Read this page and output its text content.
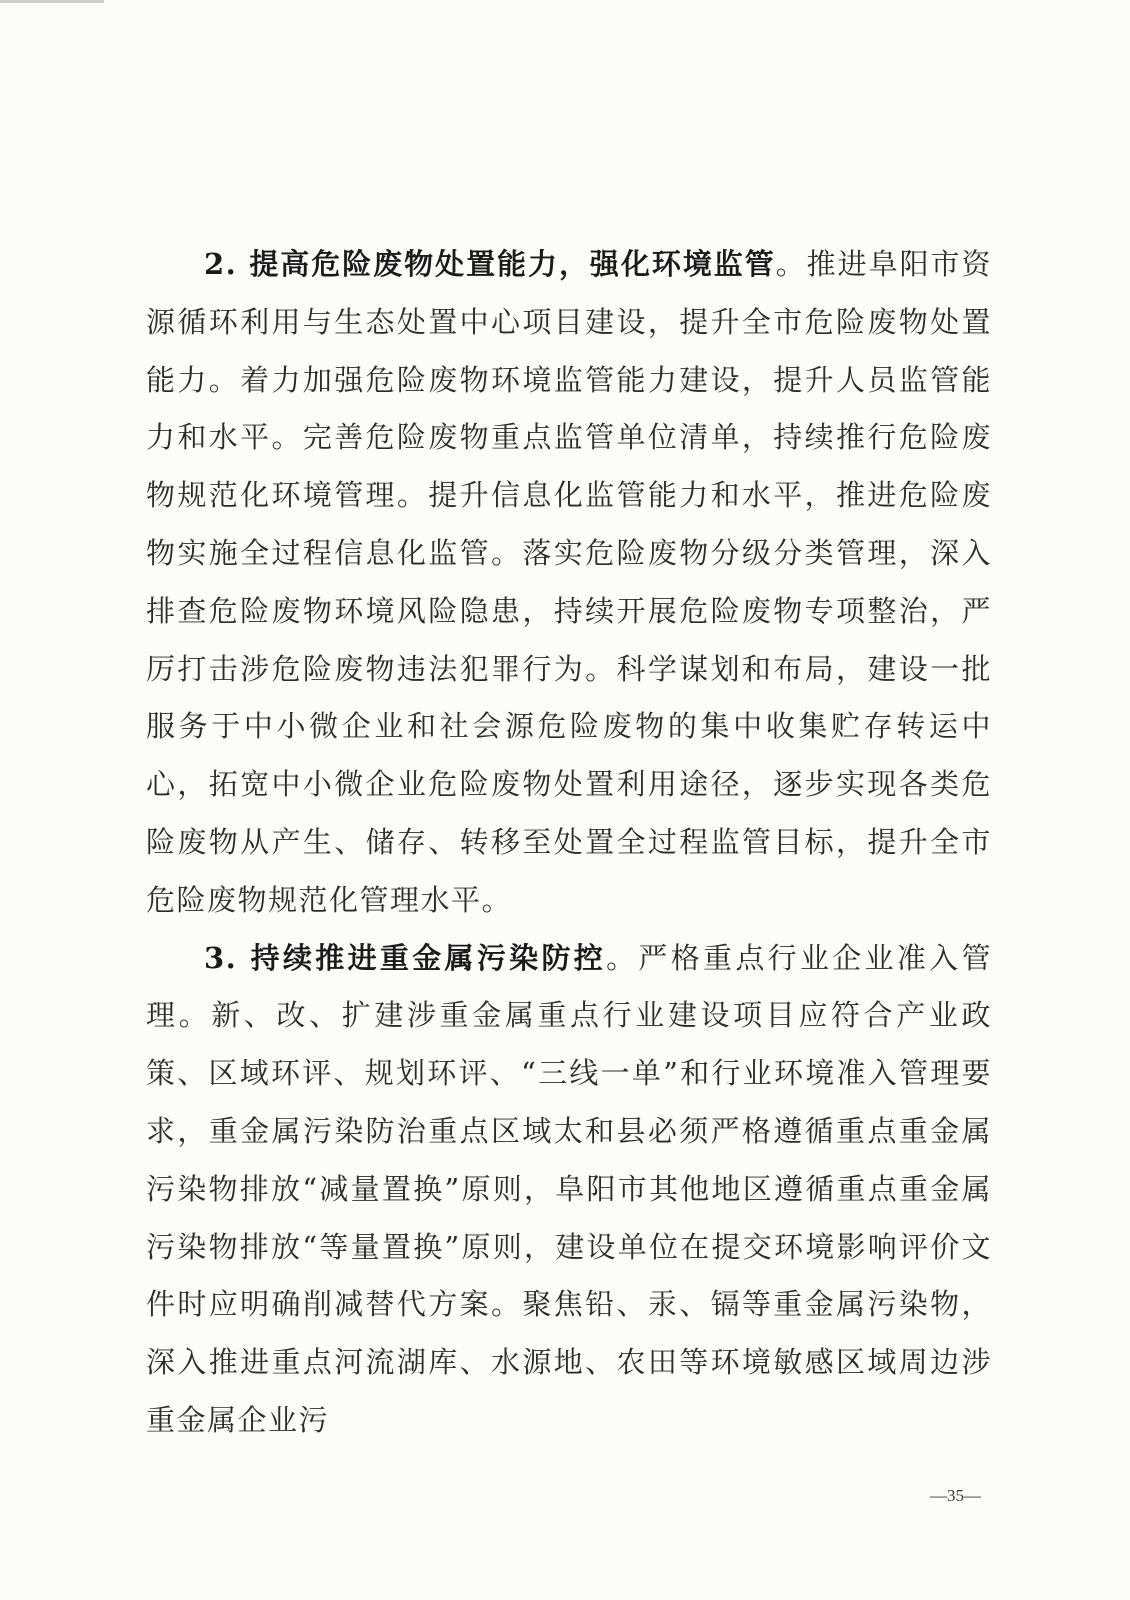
2. 提高危险废物处置能力，强化环境监管。推进阜阳市资源循环利用与生态处置中心项目建设，提升全市危险废物处置能力。着力加强危险废物环境监管能力建设，提升人员监管能力和水平。完善危险废物重点监管单位清单，持续推行危险废物规范化环境管理。提升信息化监管能力和水平，推进危险废物实施全过程信息化监管。落实危险废物分级分类管理，深入排查危险废物环境风险隐患，持续开展危险废物专项整治，严厉打击涉危险废物违法犯罪行为。科学谋划和布局，建设一批服务于中小微企业和社会源危险废物的集中收集贮存转运中心，拓宽中小微企业危险废物处置利用途径，逐步实现各类危险废物从产生、储存、转移至处置全过程监管目标，提升全市危险废物规范化管理水平。

3. 持续推进重金属污染防控。严格重点行业企业准入管理。新、改、扩建涉重金属重点行业建设项目应符合产业政策、区域环评、规划环评、“三线一单”和行业环境准入管理要求，重金属污染防治重点区域太和县必须严格遵循重点重金属污染物排放“减量置换”原则，阜阳市其他地区遵循重点重金属污染物排放“等量置换”原则，建设单位在提交环境影响评价文件时应明确削减替代方案。聚焦铅、汞、镉等重金属污染物，深入推进重点河流湖库、水源地、农田等环境敏感区域周边涉重金属企业污

—35—
